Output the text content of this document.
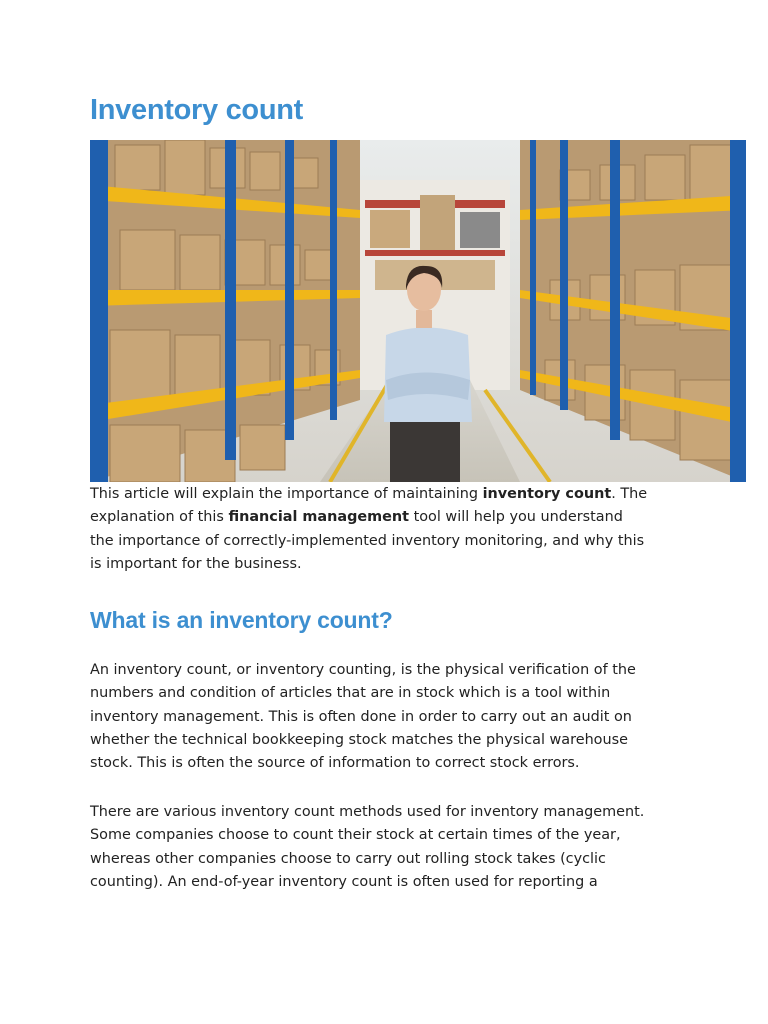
Inventory count

This article will explain the importance of maintaining inventory count. The
explanation of this financial management tool will help you understand
the importance of correctly-implemented inventory monitoring, and why this
is important for the business.

What is an inventory count?

An inventory count, or inventory counting, is the physical verification of the
numbers and condition of articles that are in stock which is a tool within
inventory management. This is often done in order to carry out an audit on
whether the technical bookkeeping stock matches the physical warehouse
stock. This is often the source of information to correct stock errors.

There are various inventory count methods used for inventory management.
Some companies choose to count their stock at certain times of the year,
whereas other companies choose to carry out rolling stock takes (cyclic
counting). An end-of-year inventory count is often used for reporting a
